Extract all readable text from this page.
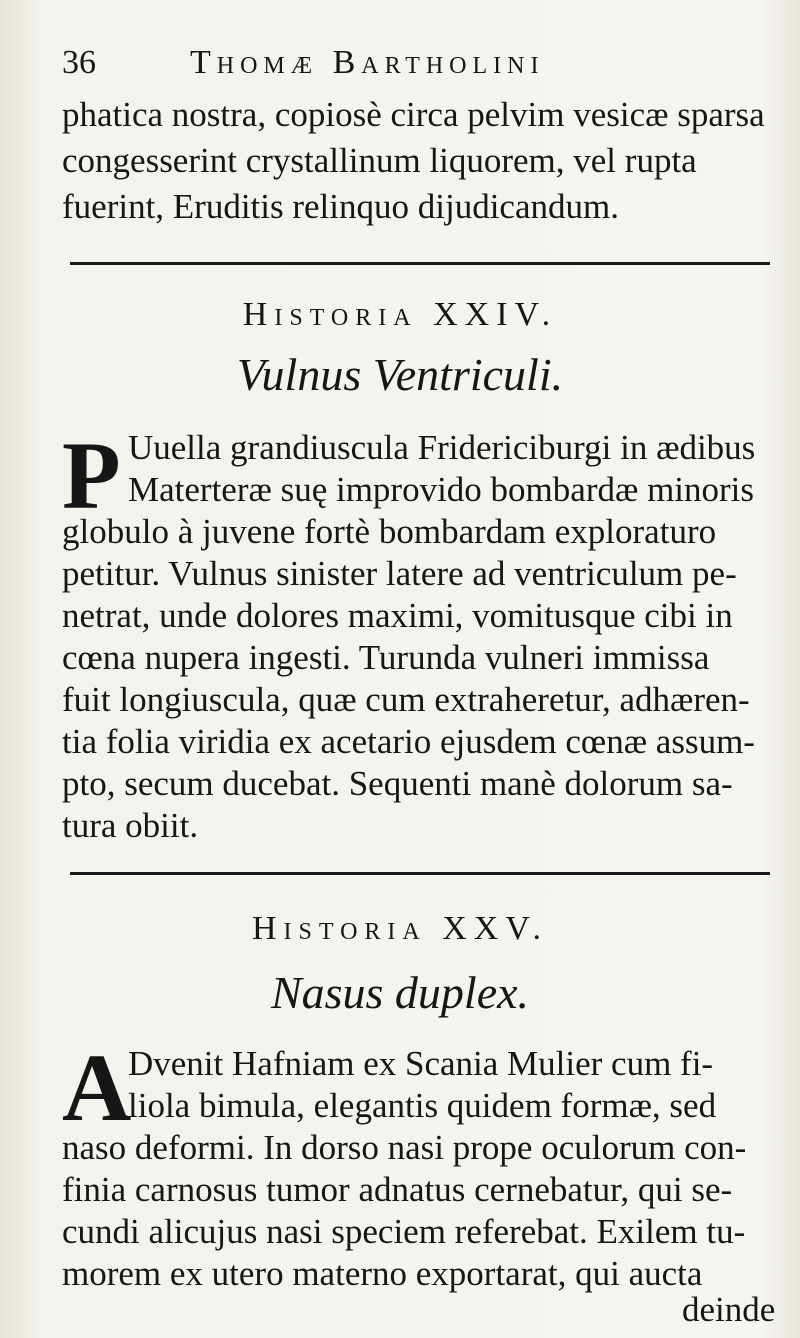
36	Thomæ Bartholini
phatica nostra, copiosè circa pelvim vesicæ sparsa
congesserint crystallinum liquorem, vel rupta
fuerint, Eruditis relinquo dijudicandum.
Historia XXIV.
Vulnus Ventriculi.
P Uuella grandiuscula Fridericiburgi in ædibus
Materteræ suę improvido bombardæ minoris
globulo à juvene fortè bombardam exploraturo
petitur. Vulnus sinister latere ad ventriculum pe-
netrat, unde dolores maximi, vomitusque cibi in
cœna nupera ingesti. Turunda vulneri immissa
fuit longiuscula, quæ cum extraheretur, adhæren-
tia folia viridia ex acetario ejusdem cœnæ assum-
pto, secum ducebat. Sequenti manè dolorum sa-
tura obiit.
Historia XXV.
Nasus duplex.
A
Dvenit Hafniam ex Scania Mulier cum fi-
liola bimula, elegantis quidem formæ, sed
naso deformi. In dorso nasi prope oculorum con-
finia carnosus tumor adnatus cernebatur, qui se-
cundi alicujus nasi speciem referebat. Exilem tu-
morem ex utero materno exportarat, qui aucta
deinde
